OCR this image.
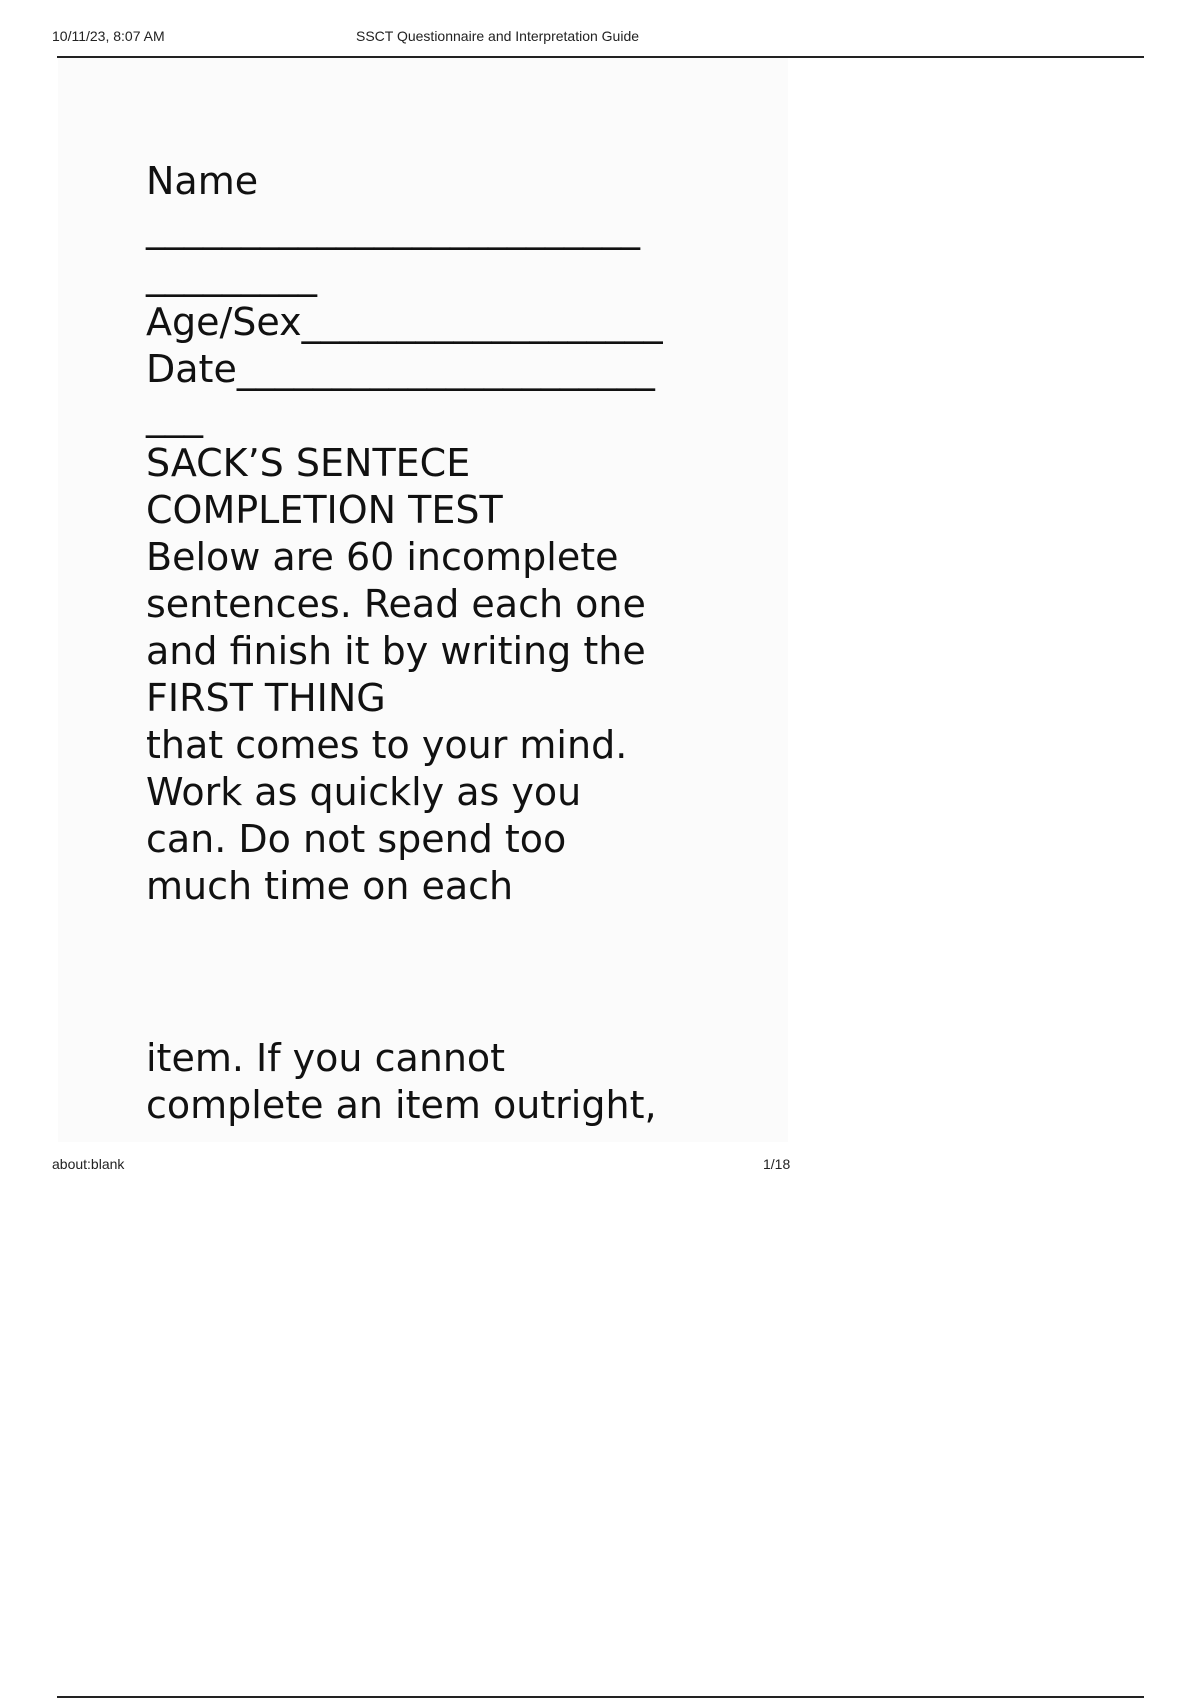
10/11/23, 8:07 AM	SSCT Questionnaire and Interpretation Guide
Name
__________________________
_________
Age/Sex___________________
Date______________________
___
SACK’S SENTECE
COMPLETION TEST
Below are 60 incomplete
sentences. Read each one
and finish it by writing the
FIRST THING
that comes to your mind.
Work as quickly as you
can. Do not spend too
much time on each
item. If you cannot
complete an item outright,
about:blank	1/18
